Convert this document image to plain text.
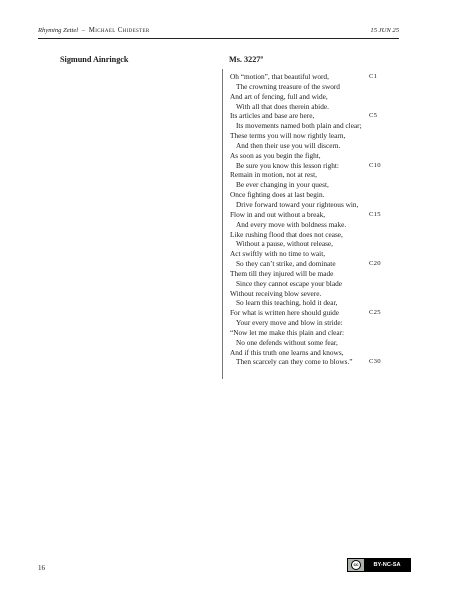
Rhyming Zettel – Michael Chidester	15 JUN 25
Sigmund Ainringck	Ms. 3227$^a$
Oh “motion”, that beautiful word,	C1
The crowning treasure of the sword
And art of fencing, full and wide,
With all that does therein abide.
Its articles and base are here,	C5
Its movements named both plain and clear;
These terms you will now rightly learn,
And then their use you will discern.
As soon as you begin the fight,
Be sure you know this lesson right:	C10
Remain in motion, not at rest,
Be ever changing in your quest,
Once fighting does at last begin.
Drive forward toward your righteous win,
Flow in and out without a break,	C15
And every move with boldness make.
Like rushing flood that does not cease,
Without a pause, without release,
Act swiftly with no time to wait,
So they can’t strike, and dominate	C20
Them till they injured will be made
Since they cannot escape your blade
Without receiving blow severe.
So learn this teaching, hold it dear,
For what is written here should guide	C25
Your every move and blow in stride:
“Now let me make this plain and clear:
No one defends without some fear,
And if this truth one learns and knows,
Then scarcely can they come to blows.” C30
16	cc	BY-NC-SA
